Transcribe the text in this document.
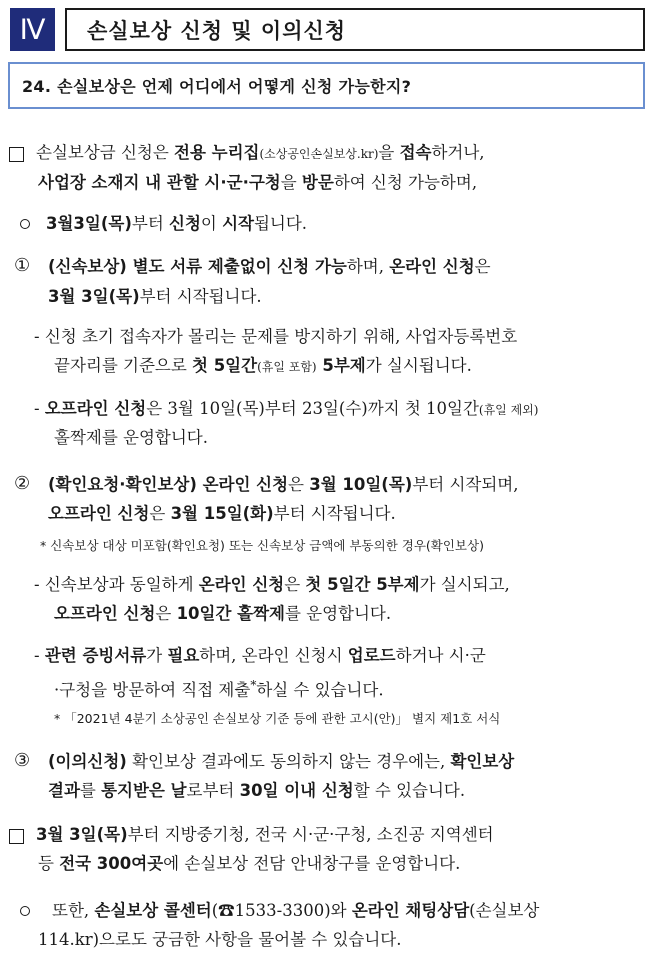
Ⅳ	손실보상 신청 및 이의신청
24. 손실보상은 언제 어디에서 어떻게 신청 가능한지?
손실보상금 신청은 전용 누리집(소상공인손실보상.kr)을 접속하거나,
사업장 소재지 내 관할 시·군·구청을 방문하여 신청 가능하며,
3월3일(목)부터 신청이 시작됩니다.
① (신속보상) 별도 서류 제출없이 신청 가능하며, 온라인 신청은
3월 3일(목)부터 시작됩니다.
- 신청 초기 접속자가 몰리는 문제를 방지하기 위해, 사업자등록번호
끝자리를 기준으로 첫 5일간(휴일 포함) 5부제가 실시됩니다.
- 오프라인 신청은 3월 10일(목)부터 23일(수)까지 첫 10일간(휴일 제외)
홀짝제를 운영합니다.
② (확인요청·확인보상) 온라인 신청은 3월 10일(목)부터 시작되며,
오프라인 신청은 3월 15일(화)부터 시작됩니다.
* 신속보상 대상 미포함(확인요청) 또는 신속보상 금액에 부동의한 경우(확인보상)
- 신속보상과 동일하게 온라인 신청은 첫 5일간 5부제가 실시되고,
오프라인 신청은 10일간 홀짝제를 운영합니다.
- 관련 증빙서류가 필요하며, 온라인 신청시 업로드하거나 시·군
·구청을 방문하여 직접 제출*하실 수 있습니다.
* 「2021년 4분기 소상공인 손실보상 기준 등에 관한 고시(안)」 별지 제1호 서식
③ (이의신청) 확인보상 결과에도 동의하지 않는 경우에는, 확인보상
결과를 통지받은 날로부터 30일 이내 신청할 수 있습니다.
3월 3일(목)부터 지방중기청, 전국 시·군·구청, 소진공 지역센터
등 전국 300여곳에 손실보상 전담 안내창구를 운영합니다.
또한, 손실보상 콜센터(☎1533-3300)와 온라인 채팅상담(손실보상
114.kr)으로도 궁금한 사항을 물어볼 수 있습니다.
